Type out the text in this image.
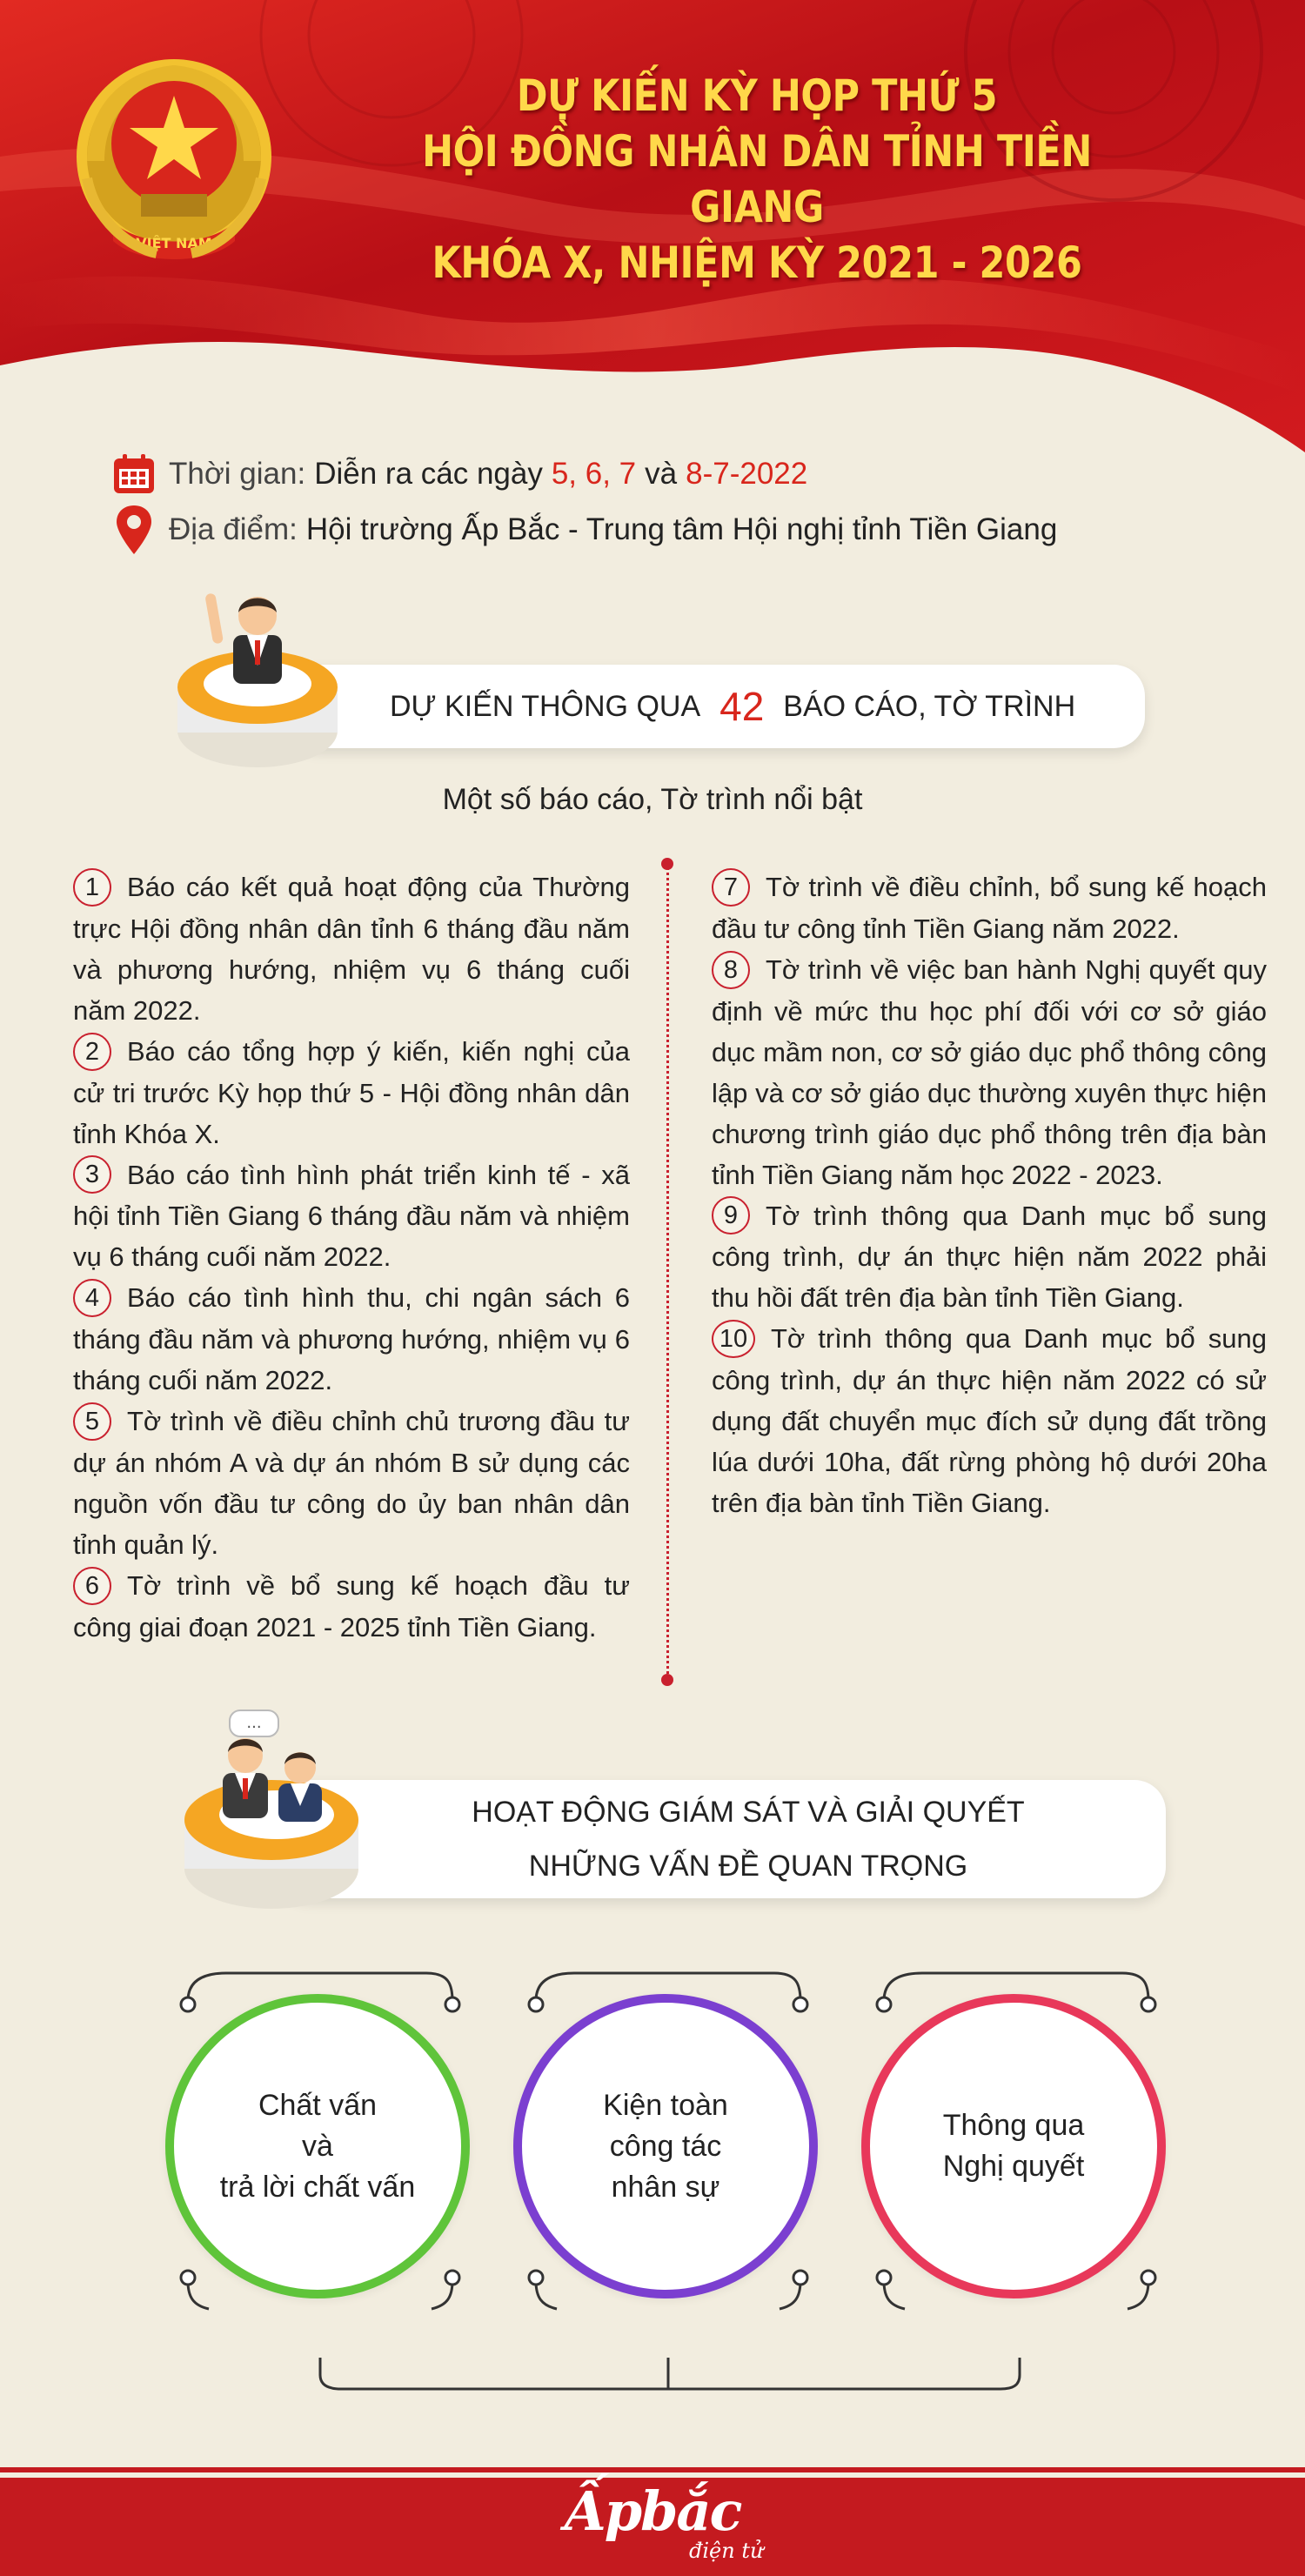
VIỆT NAM
DỰ KIẾN KỲ HỌP THỨ 5
HỘI ĐỒNG NHÂN DÂN TỈNH TIỀN GIANG
KHÓA X, NHIỆM KỲ 2021 - 2026
Thời gian: Diễn ra các ngày 5, 6, 7 và 8-7-2022
Địa điểm: Hội trường Ấp Bắc - Trung tâm Hội nghị tỉnh Tiền Giang
DỰ KIẾN THÔNG QUA 42 BÁO CÁO, TỜ TRÌNH
Một số báo cáo, Tờ trình nổi bật
1 Báo cáo kết quả hoạt động của Thường trực Hội đồng nhân dân tỉnh 6 tháng đầu năm và phương hướng, nhiệm vụ 6 tháng cuối năm 2022.
2 Báo cáo tổng hợp ý kiến, kiến nghị của cử tri trước Kỳ họp thứ 5 - Hội đồng nhân dân tỉnh Khóa X.
3 Báo cáo tình hình phát triển kinh tế - xã hội tỉnh Tiền Giang 6 tháng đầu năm và nhiệm vụ 6 tháng cuối năm 2022.
4 Báo cáo tình hình thu, chi ngân sách 6 tháng đầu năm và phương hướng, nhiệm vụ 6 tháng cuối năm 2022.
5 Tờ trình về điều chỉnh chủ trương đầu tư dự án nhóm A và dự án nhóm B sử dụng các nguồn vốn đầu tư công do ủy ban nhân dân tỉnh quản lý.
6 Tờ trình về bổ sung kế hoạch đầu tư công giai đoạn 2021 - 2025 tỉnh Tiền Giang.
7 Tờ trình về điều chỉnh, bổ sung kế hoạch đầu tư công tỉnh Tiền Giang năm 2022.
8 Tờ trình về việc ban hành Nghị quyết quy định về mức thu học phí đối với cơ sở giáo dục mầm non, cơ sở giáo dục phổ thông công lập và cơ sở giáo dục thường xuyên thực hiện chương trình giáo dục phổ thông trên địa bàn tỉnh Tiền Giang năm học 2022 - 2023.
9 Tờ trình thông qua Danh mục bổ sung công trình, dự án thực hiện năm 2022 phải thu hồi đất trên địa bàn tỉnh Tiền Giang.
10 Tờ trình thông qua Danh mục bổ sung công trình, dự án thực hiện năm 2022 có sử dụng đất chuyển mục đích sử dụng đất trồng lúa dưới 10ha, đất rừng phòng hộ dưới 20ha trên địa bàn tỉnh Tiền Giang.
...
HOẠT ĐỘNG GIÁM SÁT VÀ GIẢI QUYẾT
NHỮNG VẤN ĐỀ QUAN TRỌNG
Chất vấn
và
trả lời chất vấn
Kiện toàn
công tác
nhân sự
Thông qua
Nghị quyết
Ấpbắc
điện tử
